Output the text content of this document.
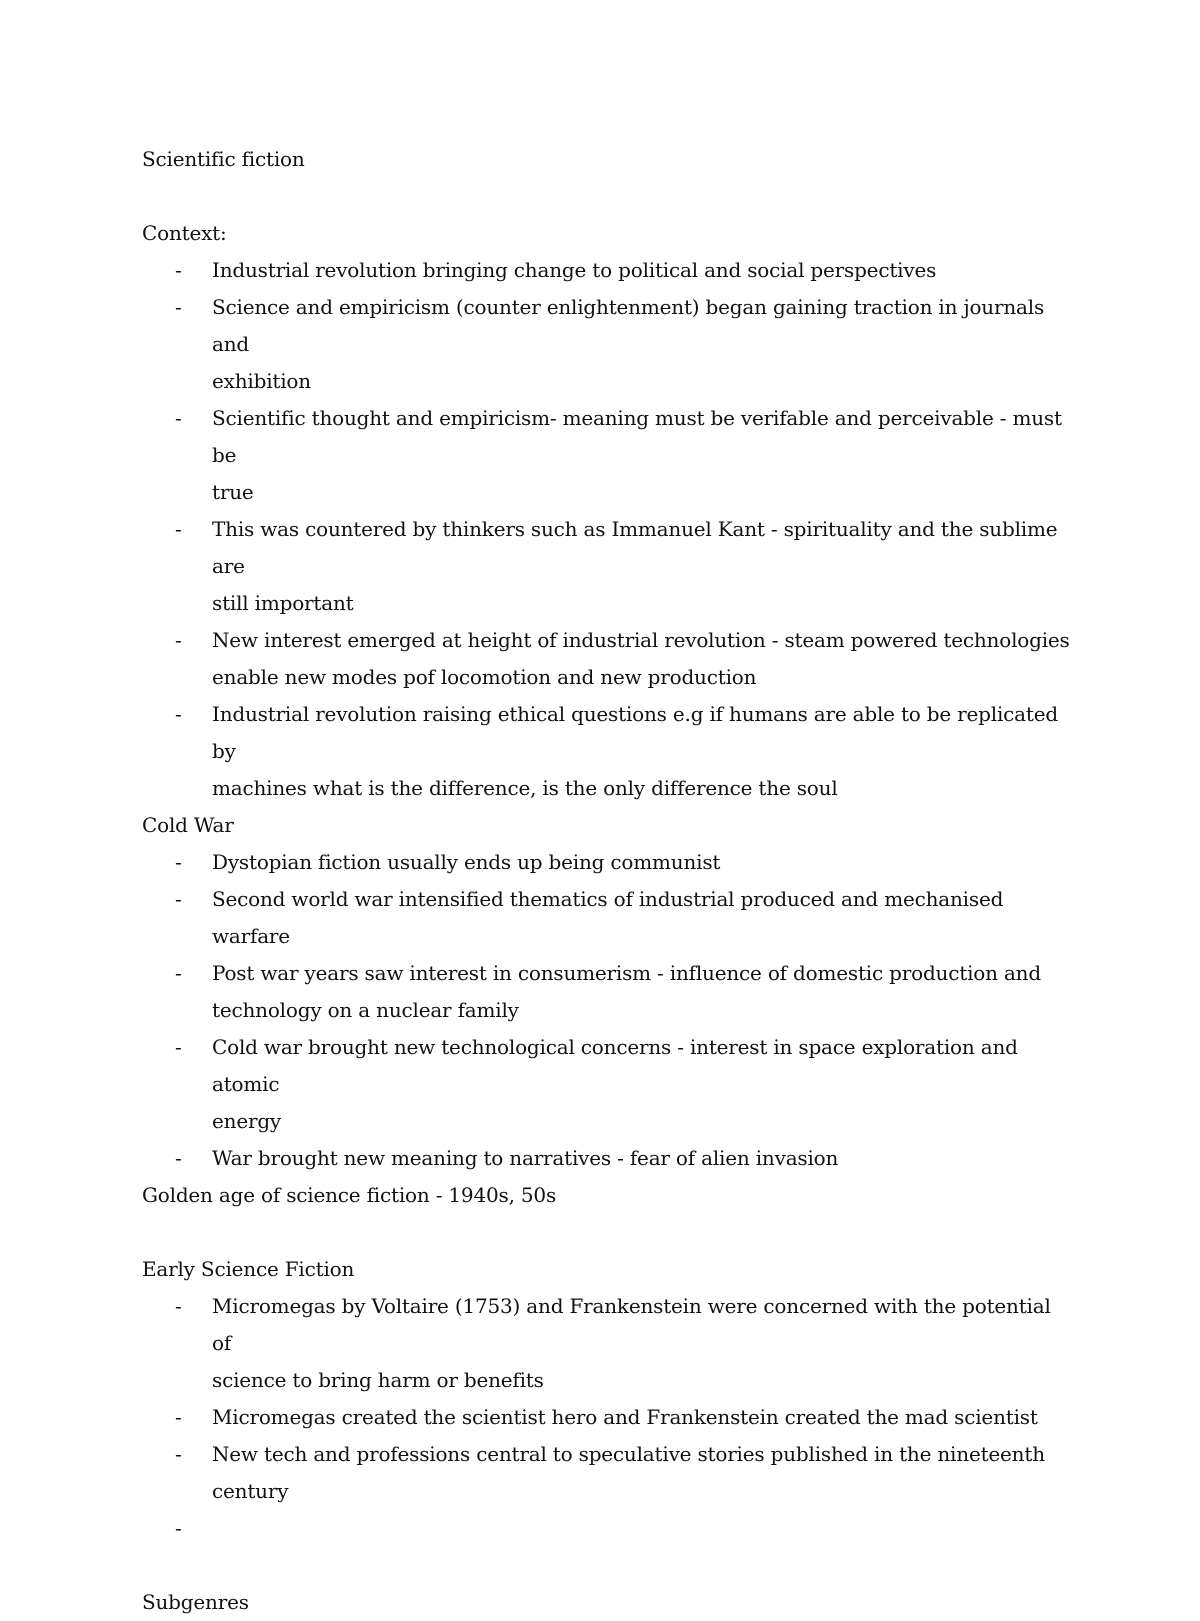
Scientific fiction

Context:

-	Industrial revolution bringing change to political and social perspectives
-	Science and empiricism (counter enlightenment) began gaining traction in journals and
exhibition
-	Scientific thought and empiricism- meaning must be verifable and perceivable - must be
true
-	This was countered by thinkers such as Immanuel Kant - spirituality and the sublime are
still important
-	New interest emerged at height of industrial revolution - steam powered technologies
enable new modes pof locomotion and new production
-	Industrial revolution raising ethical questions e.g if humans are able to be replicated by
machines what is the difference, is the only difference the soul

Cold War

-	Dystopian fiction usually ends up being communist
-	Second world war intensified thematics of industrial produced and mechanised warfare
-	Post war years saw interest in consumerism - influence of domestic production and
technology on a nuclear family
-	Cold war brought new technological concerns - interest in space exploration and atomic
energy
-	War brought new meaning to narratives - fear of alien invasion

Golden age of science fiction - 1940s, 50s

Early Science Fiction

-	Micromegas by Voltaire (1753) and Frankenstein were concerned with the potential of
science to bring harm or benefits
-	Micromegas created the scientist hero and Frankenstein created the mad scientist
-	New tech and professions central to speculative stories published in the nineteenth
century
-

Subgenres
